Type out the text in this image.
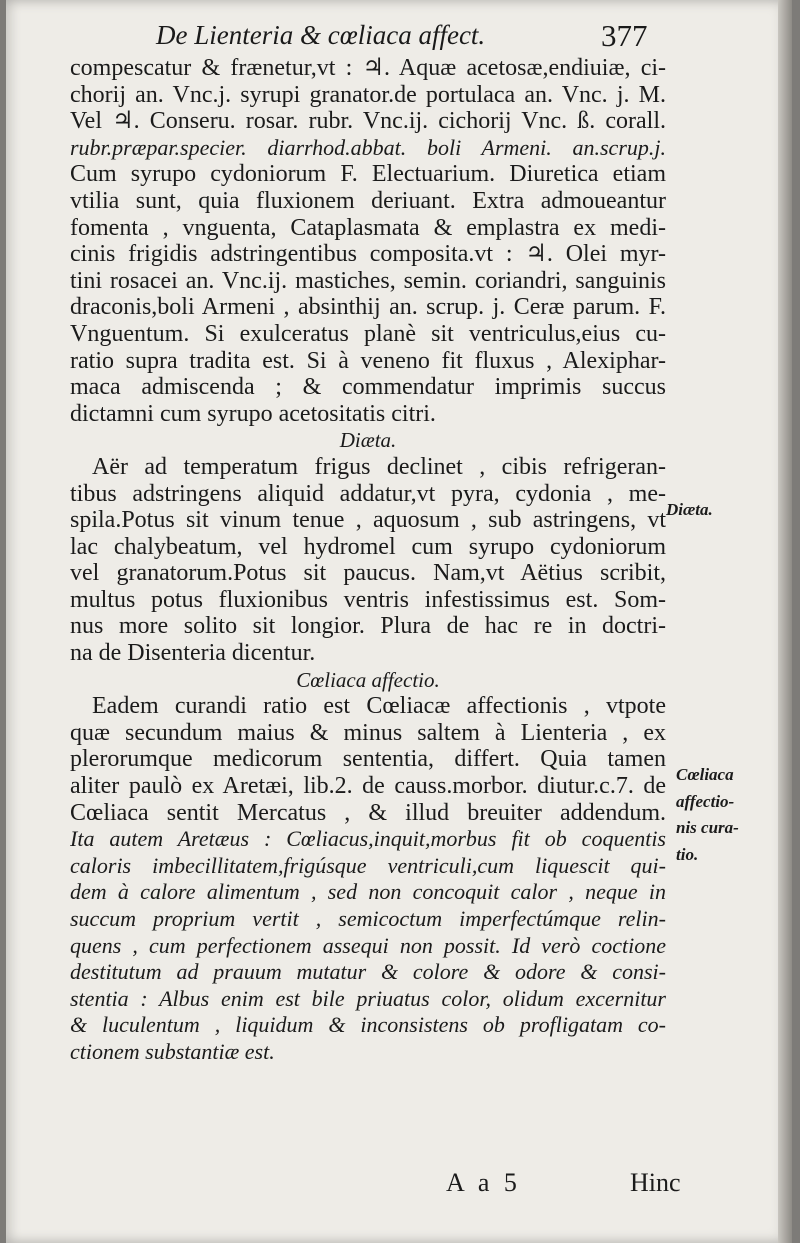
De Lienteria & cœliaca affect.	377
compescatur & frænetur,vt : ♃. Aquæ acetosæ,endiuiæ, ci-
chorij an. Vnc.j. syrupi granator.de portulaca an. Vnc. j. M.
Vel ♃. Conseru. rosar. rubr. Vnc.ij. cichorij Vnc. ß. corall.
rubr.præpar.specier. diarrhod.abbat. boli Armeni. an.scrup.j.
Cum syrupo cydoniorum F. Electuarium. Diuretica etiam
vtilia sunt, quia fluxionem deriuant. Extra admoueantur
fomenta , vnguenta, Cataplasmata & emplastra ex medi-
cinis frigidis adstringentibus composita.vt : ♃. Olei myr-
tini rosacei an. Vnc.ij. mastiches, semin. coriandri, sanguinis
draconis,boli Armeni , absinthij an. scrup. j. Ceræ parum. F.
Vnguentum. Si exulceratus planè sit ventriculus,eius cu-
ratio supra tradita est. Si à veneno fit fluxus , Alexiphar-
maca admiscenda ; & commendatur imprimis succus
dictamni cum syrupo acetositatis citri.
Diæta.
Aër ad temperatum frigus declinet , cibis refrigeran-
tibus adstringens aliquid addatur,vt pyra, cydonia , me-
spila.Potus sit vinum tenue , aquosum , sub astringens, vt
lac chalybeatum, vel hydromel cum syrupo cydoniorum
vel granatorum.Potus sit paucus. Nam,vt Aëtius scribit,
multus potus fluxionibus ventris infestissimus est. Som-
nus more solito sit longior. Plura de hac re in doctri-
na de Disenteria dicentur.
Cœliaca affectio.
Eadem curandi ratio est Cœliacæ affectionis , vtpote
quæ secundum maius & minus saltem à Lienteria , ex
plerorumque medicorum sententia, differt. Quia tamen
aliter paulò ex Aretæi, lib.2. de causs.morbor. diutur.c.7. de
Cœliaca sentit Mercatus , & illud breuiter addendum.
Ita autem Aretæus : Cœliacus,inquit,morbus fit ob coquentis
caloris imbecillitatem,frigúsque ventriculi,cum liquescit qui-
dem à calore alimentum , sed non concoquit calor , neque in
succum proprium vertit , semicoctum imperfectúmque relin-
quens , cum perfectionem assequi non possit. Id verò coctione
destitutum ad prauum mutatur & colore & odore & consi-
stentia : Albus enim est bile priuatus color, olidum excernitur
& luculentum , liquidum & inconsistens ob profligatam co-
ctionem substantiæ est.
Diæta.
Cœliaca
affectio-
nis cura-
tio.
A a 5	Hinc
